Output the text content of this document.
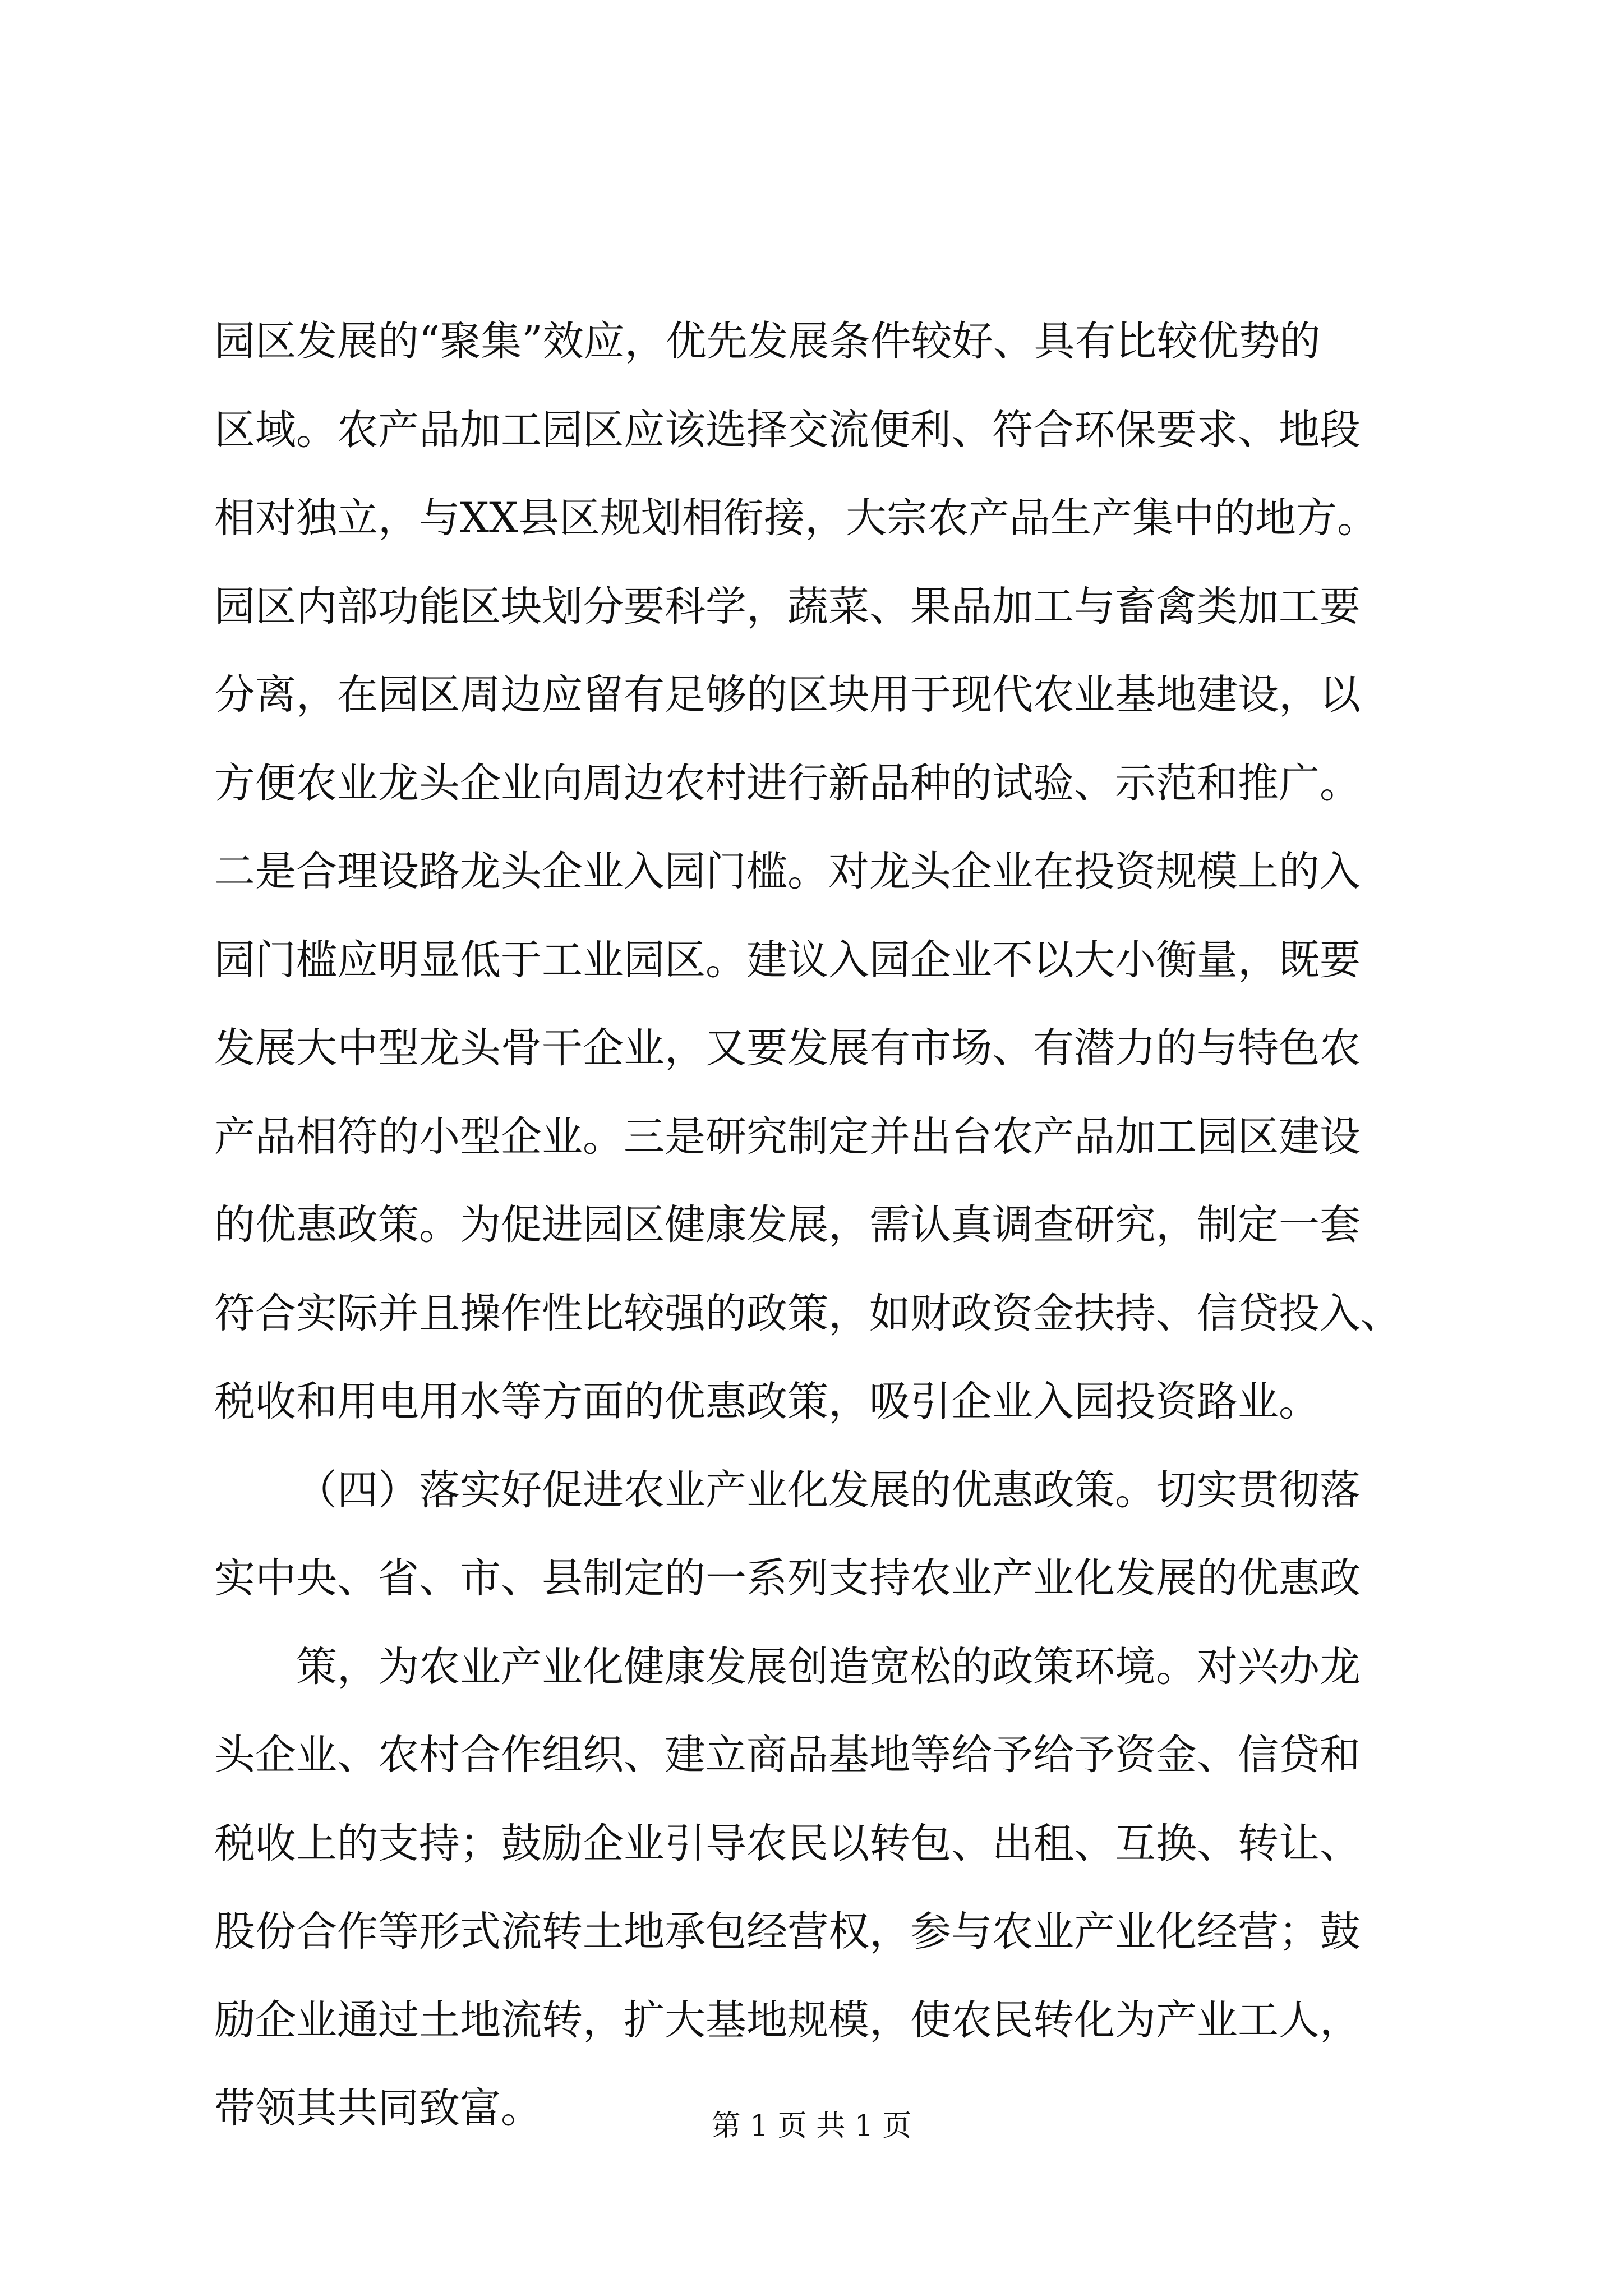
园区发展的“聚集”效应，优先发展条件较好、具有比较优势的
区域。农产品加工园区应该选择交流便利、符合环保要求、地段
相对独立，与XX县区规划相衔接，大宗农产品生产集中的地方。
园区内部功能区块划分要科学，蔬菜、果品加工与畜禽类加工要
分离，在园区周边应留有足够的区块用于现代农业基地建设，以
方便农业龙头企业向周边农村进行新品种的试验、示范和推广。
二是合理设路龙头企业入园门槛。对龙头企业在投资规模上的入
园门槛应明显低于工业园区。建议入园企业不以大小衡量，既要
发展大中型龙头骨干企业，又要发展有市场、有潜力的与特色农
产品相符的小型企业。三是研究制定并出台农产品加工园区建设
的优惠政策。为促进园区健康发展，需认真调查研究，制定一套
符合实际并且操作性比较强的政策，如财政资金扶持、信贷投入、
税收和用电用水等方面的优惠政策，吸引企业入园投资路业。
（四）落实好促进农业产业化发展的优惠政策。切实贯彻落
实中央、省、市、县制定的一系列支持农业产业化发展的优惠政
策，为农业产业化健康发展创造宽松的政策环境。对兴办龙
头企业、农村合作组织、建立商品基地等给予给予资金、信贷和
税收上的支持；鼓励企业引导农民以转包、出租、互换、转让、
股份合作等形式流转土地承包经营权，参与农业产业化经营；鼓
励企业通过土地流转，扩大基地规模，使农民转化为产业工人，
带领其共同致富。	第 1 页 共 1 页
